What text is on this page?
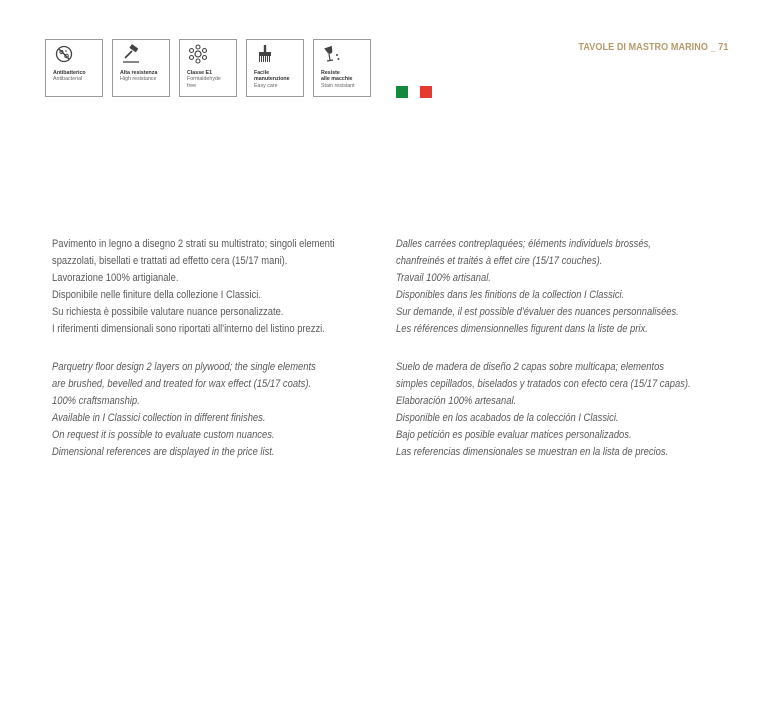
Antibatterico
Antibacterial
Alta resistenza
High resistance
Classe E1
Formaldehyde
free
Facile
manutenzione
Easy care
Resiste
alle macchie
Stain resistant
TAVOLE DI MASTRO MARINO _ 71
Pavimento in legno a disegno 2 strati su multistrato; singoli elementi
spazzolati, bisellati e trattati ad effetto cera (15/17 mani).
Lavorazione 100% artigianale.
Disponibile nelle finiture della collezione I Classici.
Su richiesta è possibile valutare nuance personalizzate.
I riferimenti dimensionali sono riportati all'interno del listino prezzi.
Parquetry floor design 2 layers on plywood; the single elements
are brushed, bevelled and treated for wax effect (15/17 coats).
100% craftsmanship.
Available in I Classici collection in different finishes.
On request it is possible to evaluate custom nuances.
Dimensional references are displayed in the price list.
Dalles carrées contreplaquées; éléments individuels brossés,
chanfreinés et traités à effet cire (15/17 couches).
Travail 100% artisanal.
Disponibles dans les finitions de la collection I Classici.
Sur demande, il est possible d'évaluer des nuances personnalisées.
Les références dimensionnelles figurent dans la liste de prix.
Suelo de madera de diseño 2 capas sobre multicapa; elementos
simples cepillados, biselados y tratados con efecto cera (15/17 capas).
Elaboración 100% artesanal.
Disponible en los acabados de la colección I Classici.
Bajo petición es posible evaluar matices personalizados.
Las referencias dimensionales se muestran en la lista de precios.
